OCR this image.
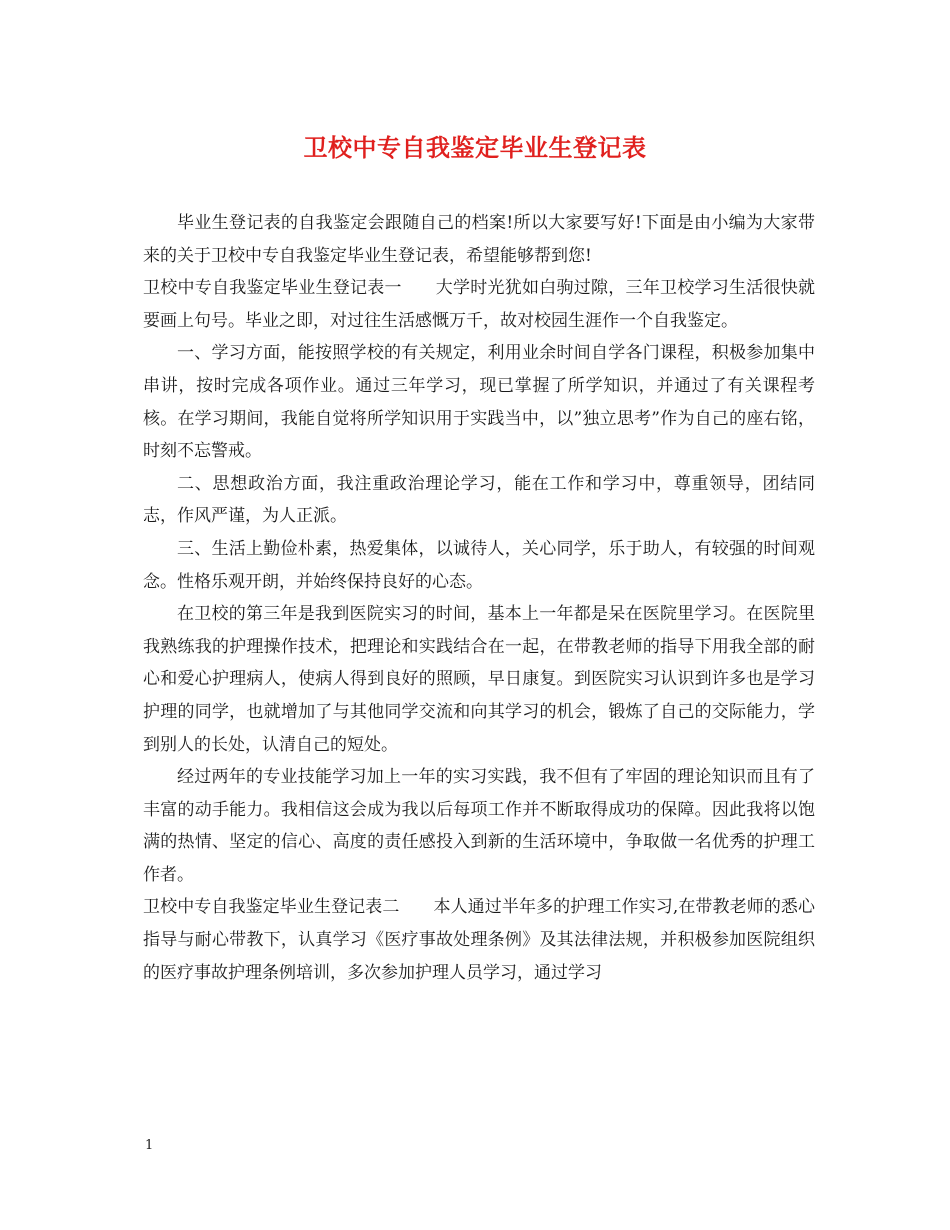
卫校中专自我鉴定毕业生登记表

毕业生登记表的自我鉴定会跟随自己的档案!所以大家要写好!下面是由小编为大家带来的关于卫校中专自我鉴定毕业生登记表，希望能够帮到您!

卫校中专自我鉴定毕业生登记表一 大学时光犹如白驹过隙，三年卫校学习生活很快就要画上句号。毕业之即，对过往生活感慨万千，故对校园生涯作一个自我鉴定。

一、学习方面，能按照学校的有关规定，利用业余时间自学各门课程，积极参加集中串讲，按时完成各项作业。通过三年学习，现已掌握了所学知识，并通过了有关课程考核。在学习期间，我能自觉将所学知识用于实践当中，以”独立思考”作为自己的座右铭，时刻不忘警戒。

二、思想政治方面，我注重政治理论学习，能在工作和学习中，尊重领导，团结同志，作风严谨，为人正派。

三、生活上勤俭朴素，热爱集体，以诚待人，关心同学，乐于助人，有较强的时间观念。性格乐观开朗，并始终保持良好的心态。

在卫校的第三年是我到医院实习的时间，基本上一年都是呆在医院里学习。在医院里我熟练我的护理操作技术，把理论和实践结合在一起，在带教老师的指导下用我全部的耐心和爱心护理病人，使病人得到良好的照顾，早日康复。到医院实习认识到许多也是学习护理的同学，也就增加了与其他同学交流和向其学习的机会，锻炼了自己的交际能力，学到别人的长处，认清自己的短处。

经过两年的专业技能学习加上一年的实习实践，我不但有了牢固的理论知识而且有了丰富的动手能力。我相信这会成为我以后每项工作并不断取得成功的保障。因此我将以饱满的热情、坚定的信心、高度的责任感投入到新的生活环境中，争取做一名优秀的护理工作者。

卫校中专自我鉴定毕业生登记表二 本人通过半年多的护理工作实习,在带教老师的悉心指导与耐心带教下，认真学习《医疗事故处理条例》及其法律法规，并积极参加医院组织的医疗事故护理条例培训，多次参加护理人员学习，通过学习

1
